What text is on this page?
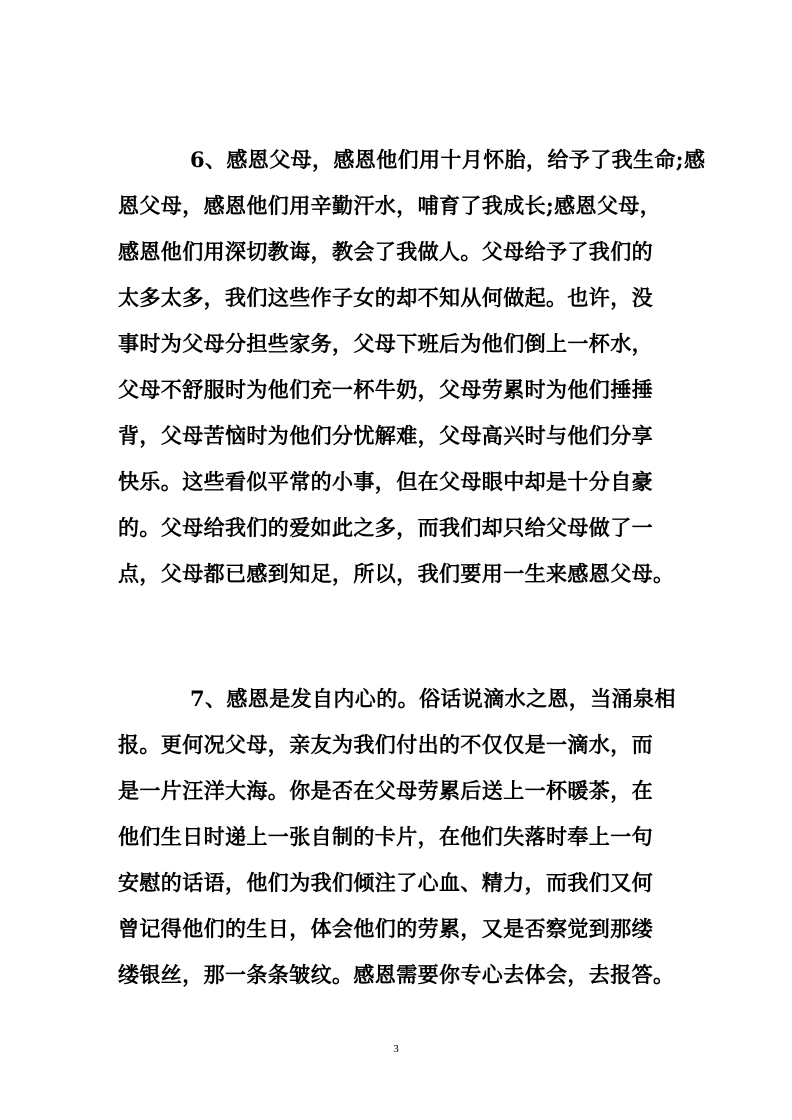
6、感恩父母，感恩他们用十月怀胎，给予了我生命;感
恩父母，感恩他们用辛勤汗水，哺育了我成长;感恩父母，
感恩他们用深切教诲，教会了我做人。父母给予了我们的
太多太多，我们这些作子女的却不知从何做起。也许，没
事时为父母分担些家务，父母下班后为他们倒上一杯水，
父母不舒服时为他们充一杯牛奶，父母劳累时为他们捶捶
背，父母苦恼时为他们分忧解难，父母高兴时与他们分享
快乐。这些看似平常的小事，但在父母眼中却是十分自豪
的。父母给我们的爱如此之多，而我们却只给父母做了一
点，父母都已感到知足，所以，我们要用一生来感恩父母。
7、感恩是发自内心的。俗话说滴水之恩，当涌泉相
报。更何况父母，亲友为我们付出的不仅仅是一滴水，而
是一片汪洋大海。你是否在父母劳累后送上一杯暖茶，在
他们生日时递上一张自制的卡片，在他们失落时奉上一句
安慰的话语，他们为我们倾注了心血、精力，而我们又何
曾记得他们的生日，体会他们的劳累，又是否察觉到那缕
缕银丝，那一条条皱纹。感恩需要你专心去体会，去报答。
3
